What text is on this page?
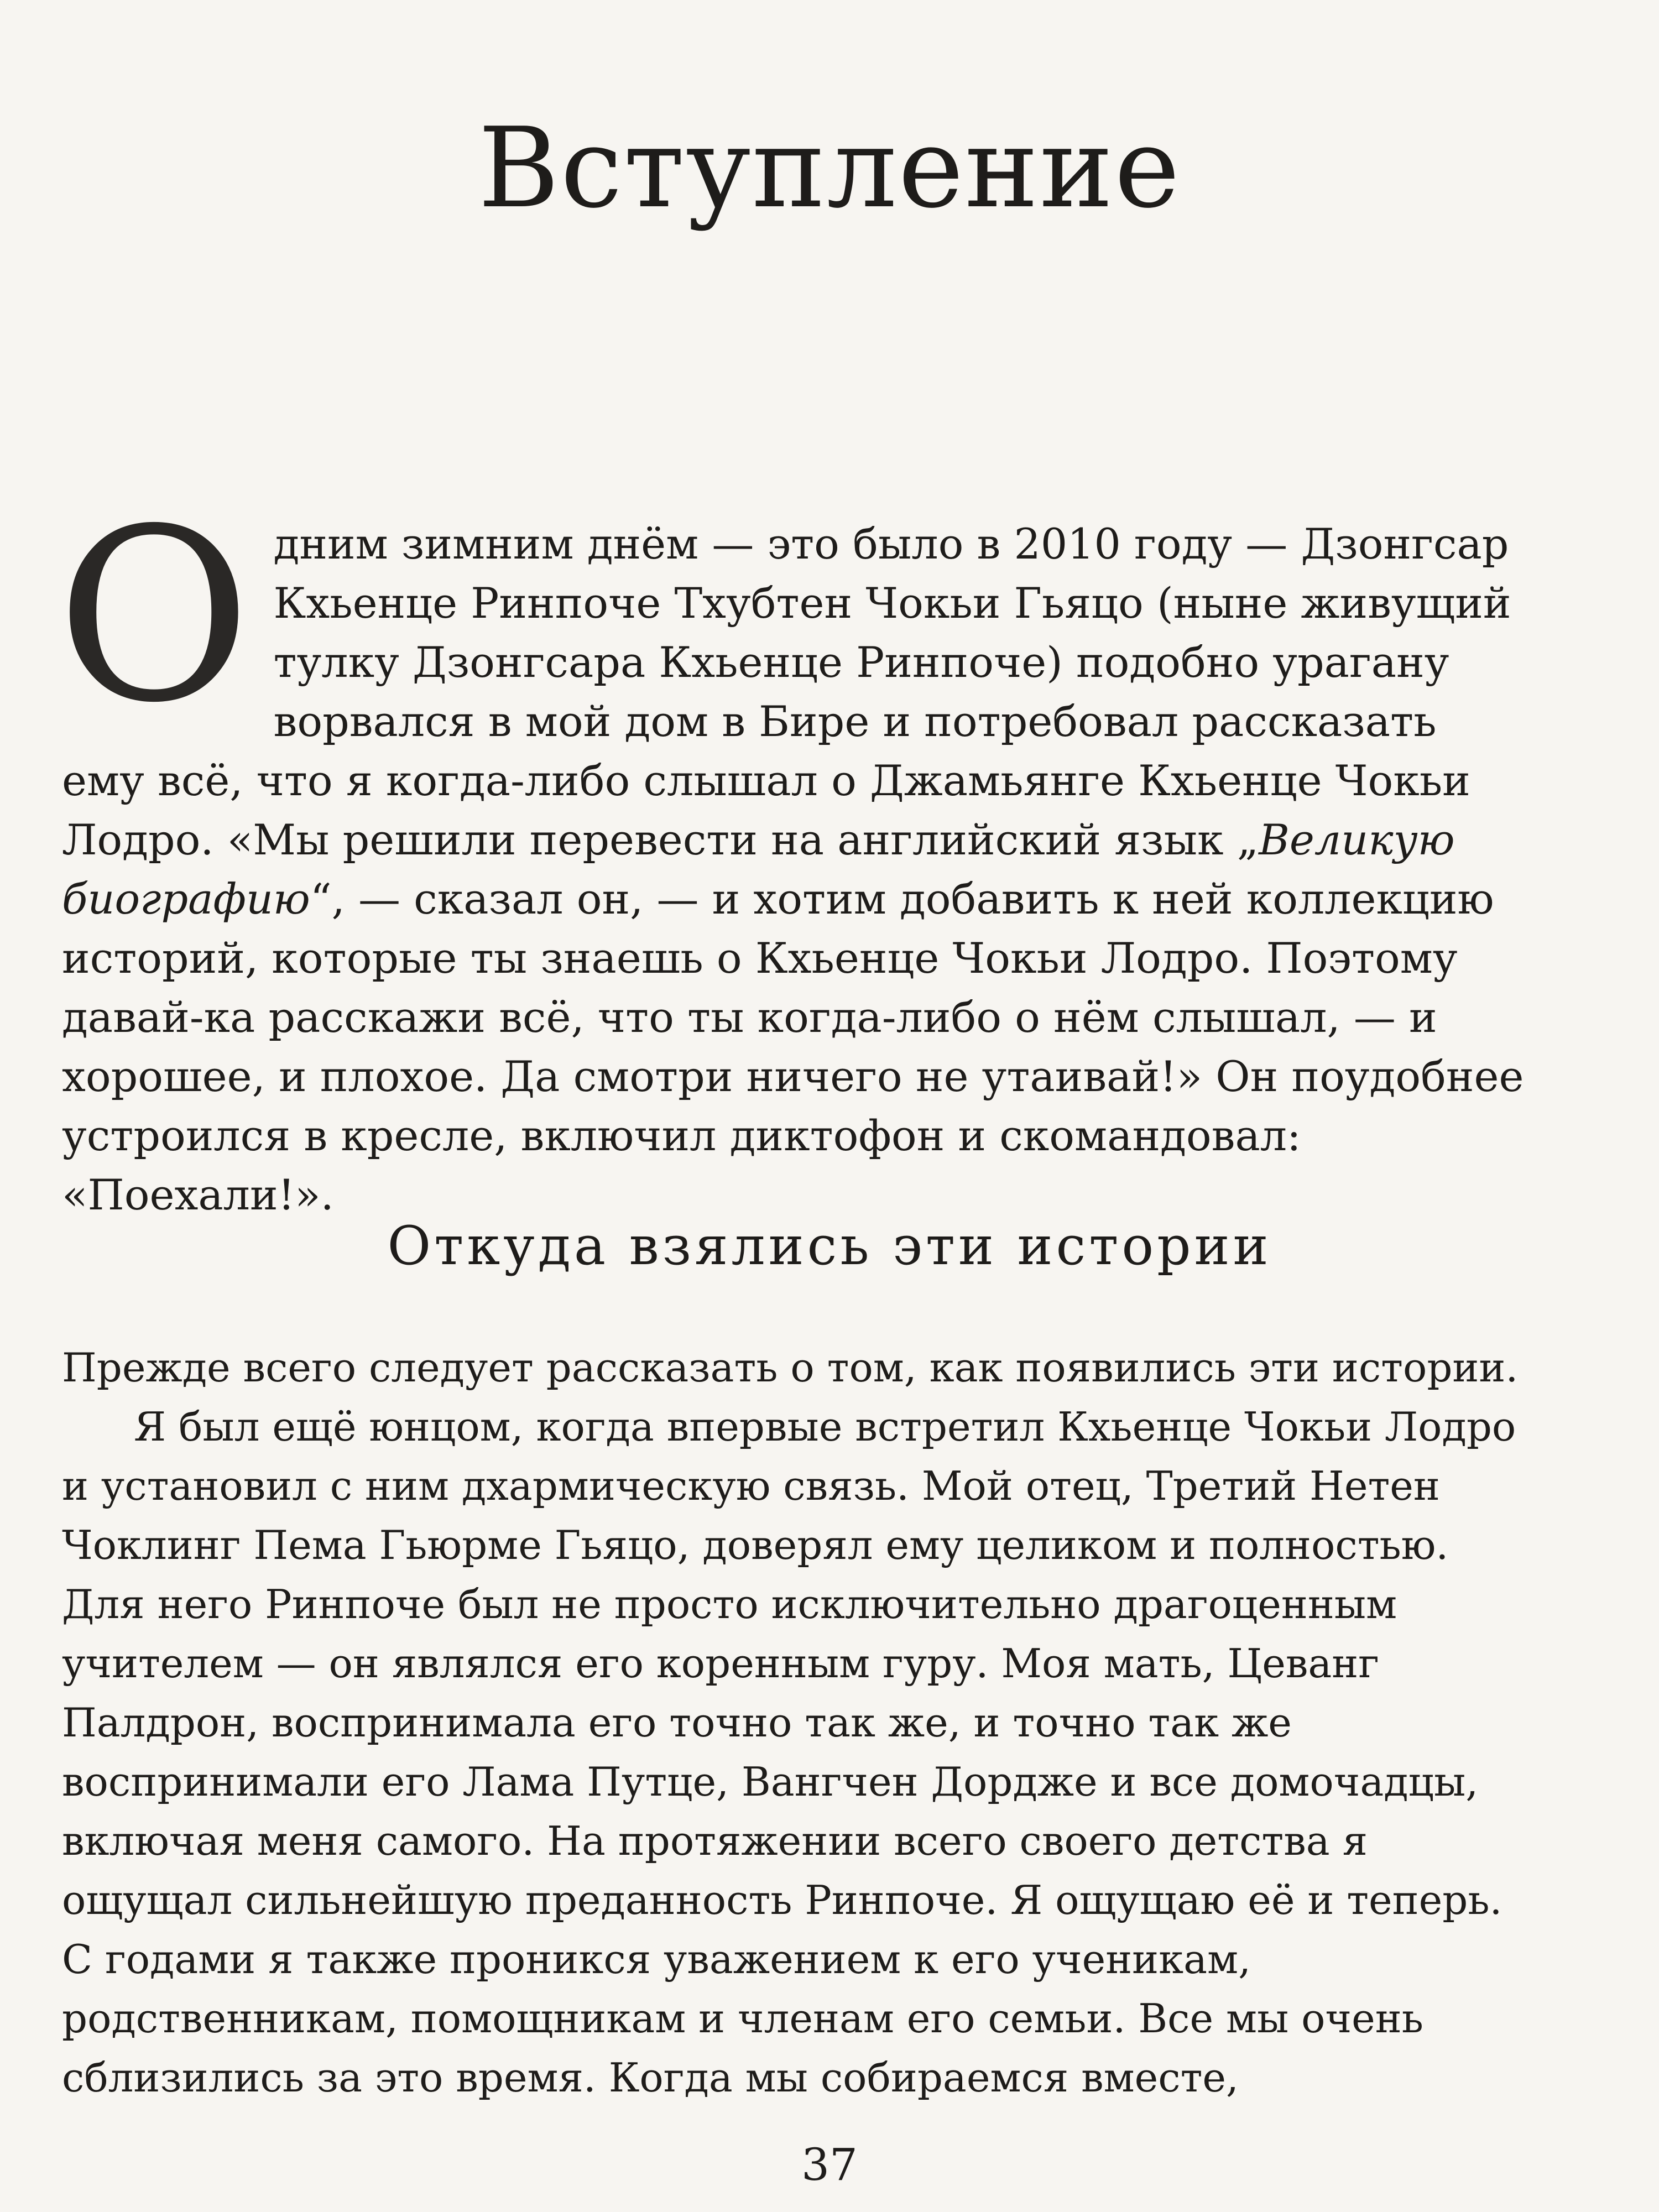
Вступление
Одним зимним днём — это было в 2010 году — Дзонгсар Кхьенце Ринпоче Тхубтен Чокьи Гьяцо (ныне живущий тулку Дзонгсара Кхьенце Ринпоче) подобно урагану ворвался в мой дом в Бире и потребовал рассказать ему всё, что я когда-либо слышал о Джамьянге Кхьенце Чокьи Лодро. «Мы решили перевести на английский язык „Великую биографию“, — сказал он, — и хотим добавить к ней коллекцию историй, которые ты знаешь о Кхьенце Чокьи Лодро. Поэтому давай-ка расскажи всё, что ты когда-либо о нём слышал, — и хорошее, и плохое. Да смотри ничего не утаивай!» Он поудобнее устроился в кресле, включил диктофон и скомандовал: «Поехали!».
Откуда взялись эти истории

Прежде всего следует рассказать о том, как появились эти истории.

Я был ещё юнцом, когда впервые встретил Кхьенце Чокьи Лодро и установил с ним дхармическую связь. Мой отец, Третий Нетен Чоклинг Пема Гьюрме Гьяцо, доверял ему целиком и полностью. Для него Ринпоче был не просто исключительно драгоценным учителем — он являлся его коренным гуру. Моя мать, Цеванг Палдрон, воспринимала его точно так же, и точно так же воспринимали его Лама Путце, Вангчен Дордже и все домочадцы, включая меня самого. На протяжении всего своего детства я ощущал сильнейшую преданность Ринпоче. Я ощущаю её и теперь. С годами я также проникся уважением к его ученикам, родственникам, помощникам и членам его семьи. Все мы очень сблизились за это время. Когда мы собираемся вместе,

37
